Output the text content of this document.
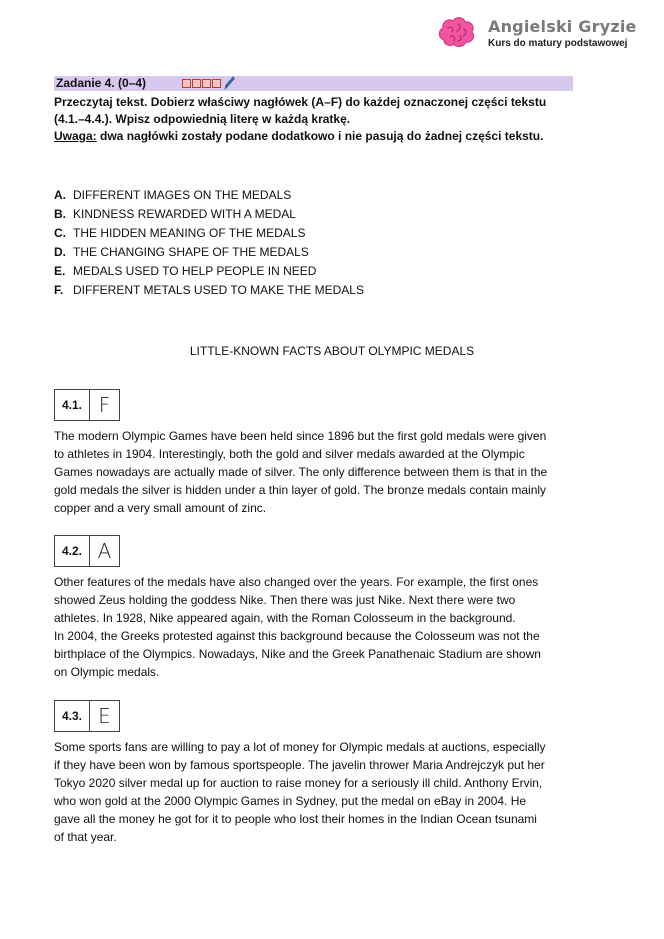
Angielski Gryzie
Kurs do matury podstawowej
Zadanie 4. (0–4)

Przeczytaj tekst. Dobierz właściwy nagłówek (A–F) do każdej oznaczonej części tekstu

(4.1.–4.4.). Wpisz odpowiednią literę w każdą kratkę.

Uwaga: dwa nagłówki zostały podane dodatkowo i nie pasują do żadnej części tekstu.

A. DIFFERENT IMAGES ON THE MEDALS
B. KINDNESS REWARDED WITH A MEDAL
C. THE HIDDEN MEANING OF THE MEDALS
D. THE CHANGING SHAPE OF THE MEDALS
E. MEDALS USED TO HELP PEOPLE IN NEED
F. DIFFERENT METALS USED TO MAKE THE MEDALS
LITTLE-KNOWN FACTS ABOUT OLYMPIC MEDALS
4.1. F
The modern Olympic Games have been held since 1896 but the first gold medals were given
to athletes in 1904. Interestingly, both the gold and silver medals awarded at the Olympic
Games nowadays are actually made of silver. The only difference between them is that in the
gold medals the silver is hidden under a thin layer of gold. The bronze medals contain mainly
copper and a very small amount of zinc.
4.2. A
Other features of the medals have also changed over the years. For example, the first ones
showed Zeus holding the goddess Nike. Then there was just Nike. Next there were two
athletes. In 1928, Nike appeared again, with the Roman Colosseum in the background.
In 2004, the Greeks protested against this background because the Colosseum was not the
birthplace of the Olympics. Nowadays, Nike and the Greek Panathenaic Stadium are shown
on Olympic medals.
4.3. E
Some sports fans are willing to pay a lot of money for Olympic medals at auctions, especially
if they have been won by famous sportspeople. The javelin thrower Maria Andrejczyk put her
Tokyo 2020 silver medal up for auction to raise money for a seriously ill child. Anthony Ervin,
who won gold at the 2000 Olympic Games in Sydney, put the medal on eBay in 2004. He
gave all the money he got for it to people who lost their homes in the Indian Ocean tsunami
of that year.
